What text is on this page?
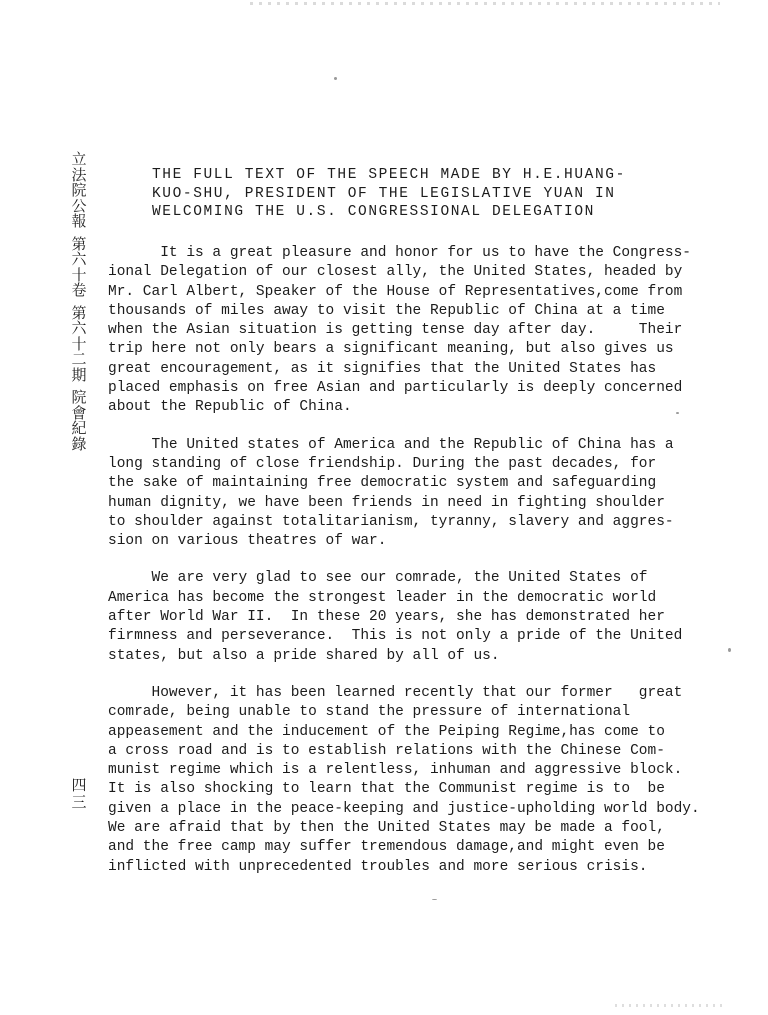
立
法
院
公
報
第
六
十
卷
第
六
十
二
期
院
會
紀
錄
四
三
THE FULL TEXT OF THE SPEECH MADE BY H.E.HUANG-
KUO-SHU, PRESIDENT OF THE LEGISLATIVE YUAN IN
WELCOMING THE U.S. CONGRESSIONAL DELEGATION
It is a great pleasure and honor for us to have the Congress-
ional Delegation of our closest ally, the United States, headed by
Mr. Carl Albert, Speaker of the House of Representatives,come from
thousands of miles away to visit the Republic of China at a time
when the Asian situation is getting tense day after day.     Their
trip here not only bears a significant meaning, but also gives us
great encouragement, as it signifies that the United States has
placed emphasis on free Asian and particularly is deeply concerned
about the Republic of China.
The United states of America and the Republic of China has a
long standing of close friendship. During the past decades, for
the sake of maintaining free democratic system and safeguarding
human dignity, we have been friends in need in fighting shoulder
to shoulder against totalitarianism, tyranny, slavery and aggres-
sion on various theatres of war.
We are very glad to see our comrade, the United States of
America has become the strongest leader in the democratic world
after World War II.  In these 20 years, she has demonstrated her
firmness and perseverance.  This is not only a pride of the United
states, but also a pride shared by all of us.
However, it has been learned recently that our former   great
comrade, being unable to stand the pressure of international
appeasement and the inducement of the Peiping Regime,has come to
a cross road and is to establish relations with the Chinese Com-
munist regime which is a relentless, inhuman and aggressive block.
It is also shocking to learn that the Communist regime is to  be
given a place in the peace-keeping and justice-upholding world body.
We are afraid that by then the United States may be made a fool,
and the free camp may suffer tremendous damage,and might even be
inflicted with unprecedented troubles and more serious crisis.
